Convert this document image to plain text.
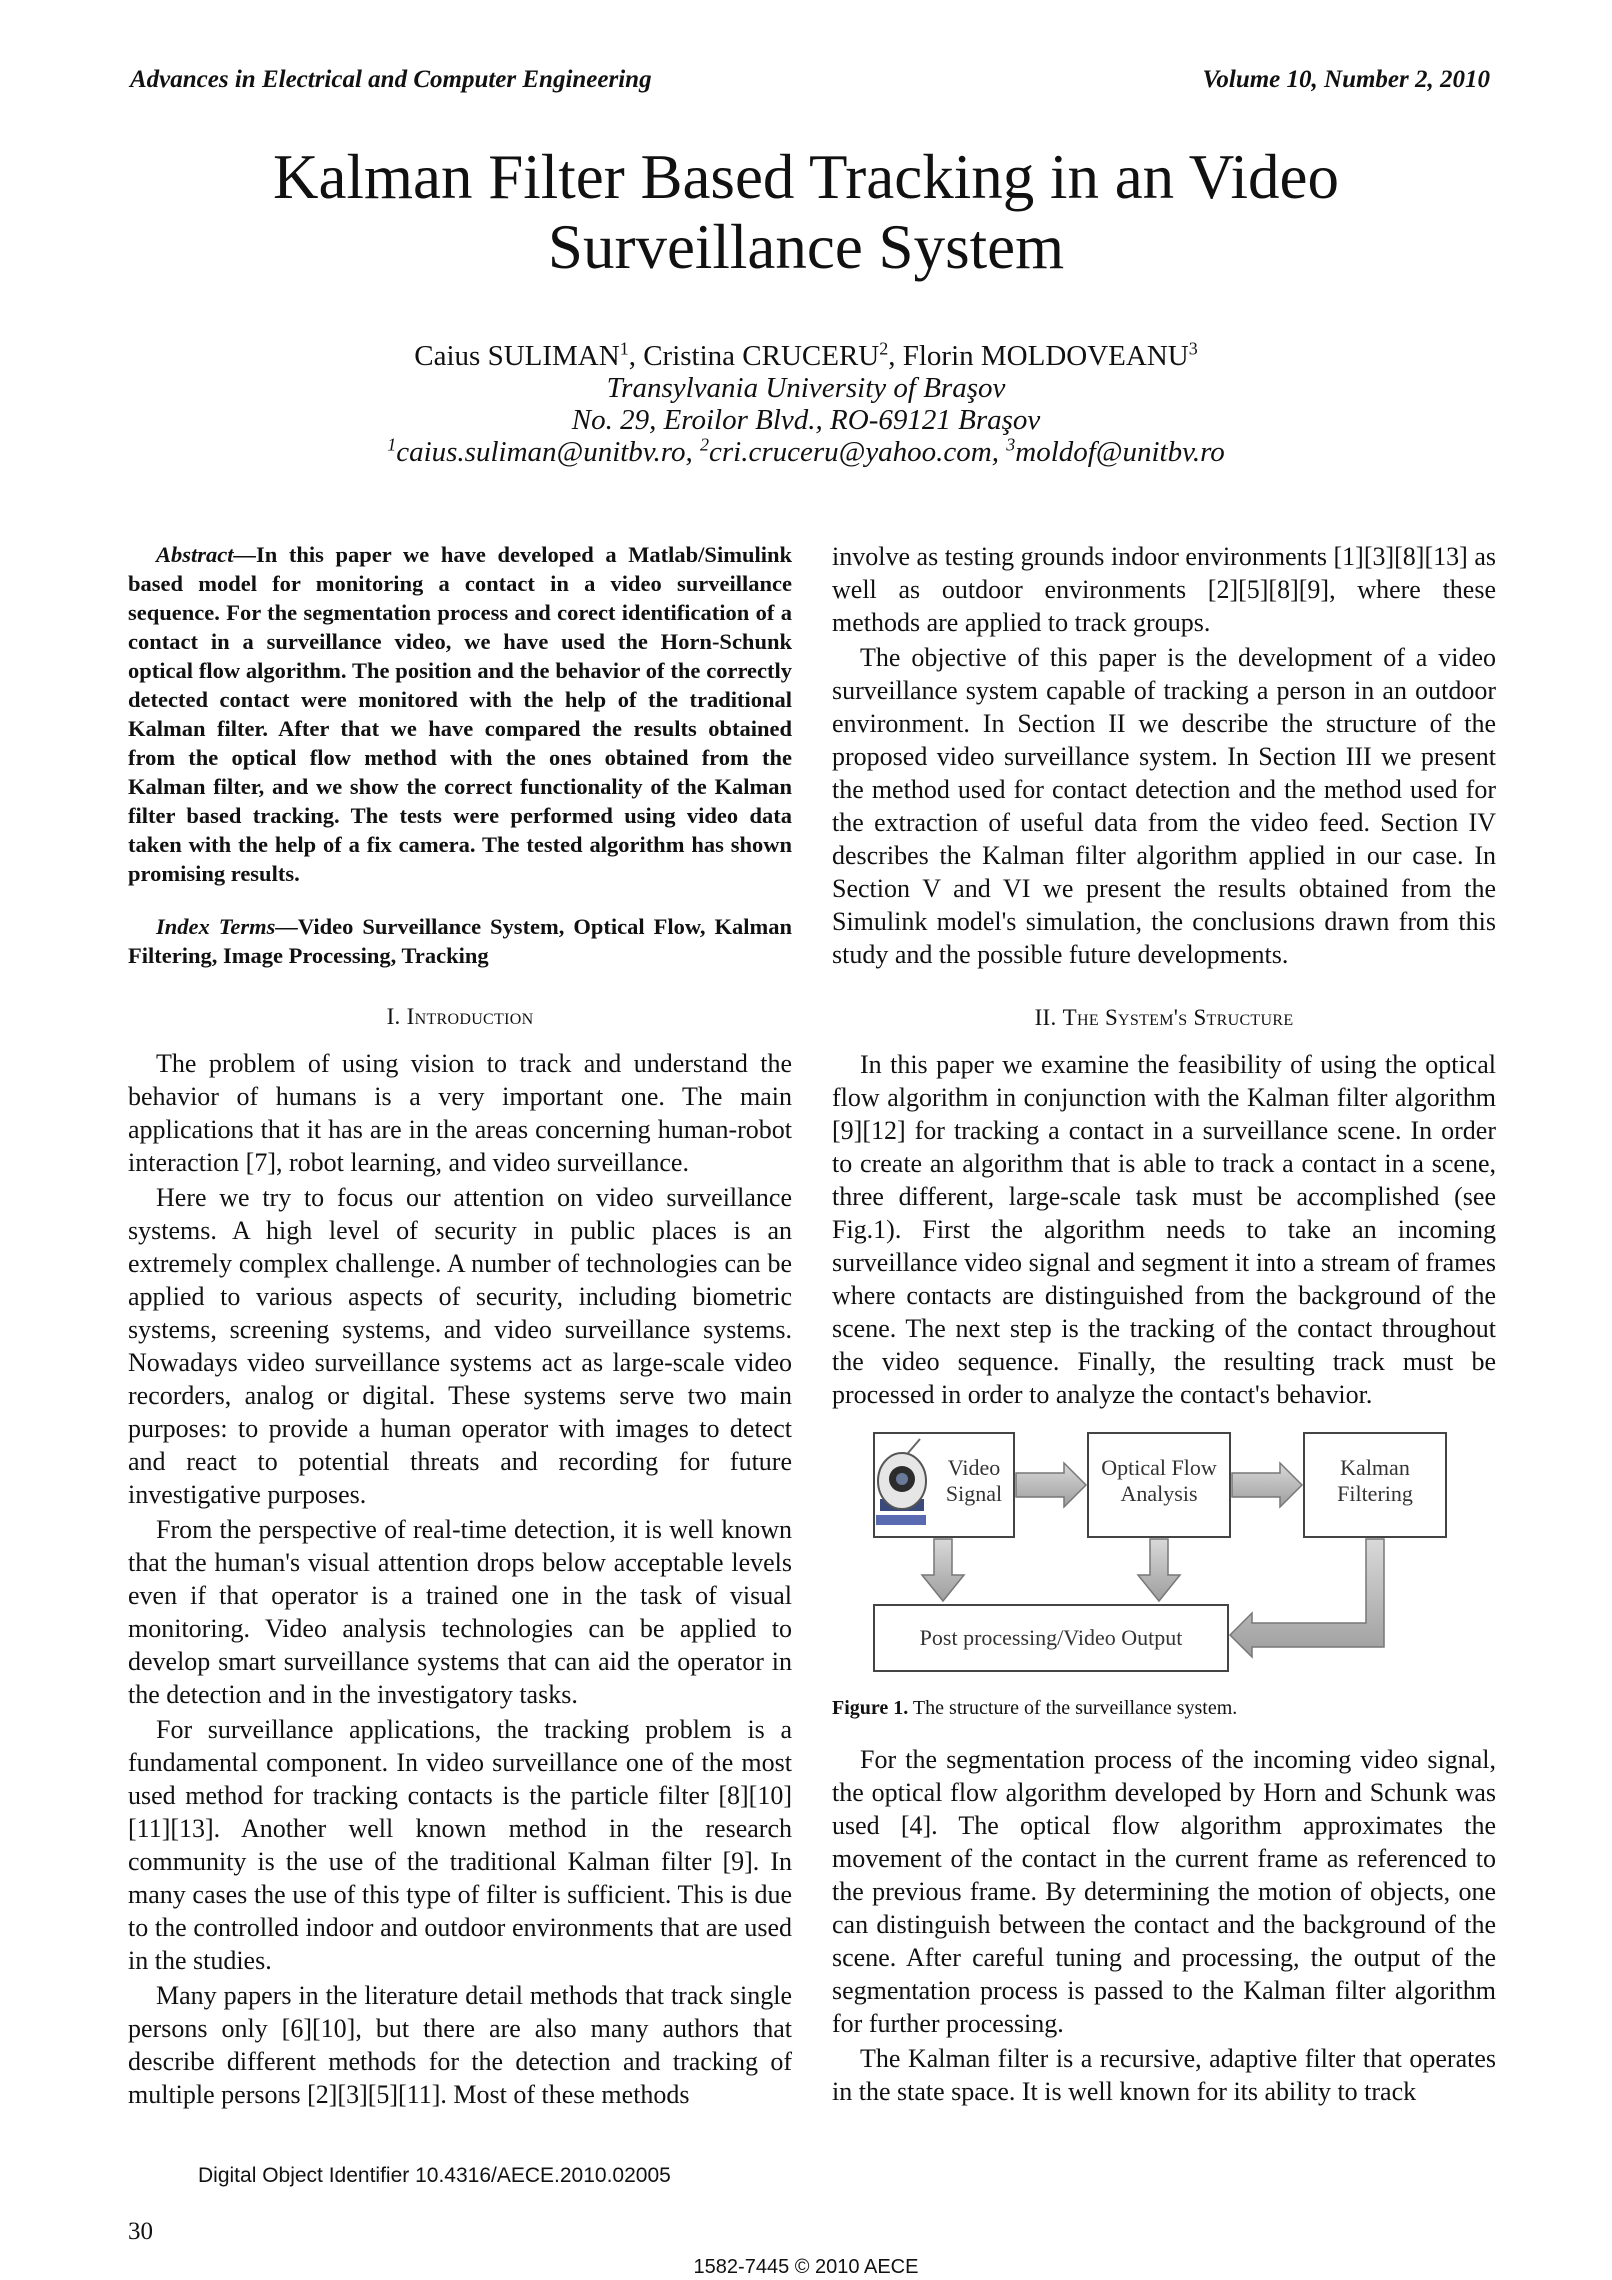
Advances in Electrical and Computer Engineering	Volume 10, Number 2, 2010
Kalman Filter Based Tracking in an Video Surveillance System
Caius SULIMAN$^1$, Cristina CRUCERU$^2$, Florin MOLDOVEANU$^3$
Transylvania University of Braşov
No. 29, Eroilor Blvd., RO-69121 Braşov
$^1$caius.suliman@unitbv.ro, $^2$cri.cruceru@yahoo.com, $^3$moldof@unitbv.ro

Abstract—In this paper we have developed a Matlab/Simulink based model for monitoring a contact in a video surveillance sequence. For the segmentation process and corect identification of a contact in a surveillance video, we have used the Horn-Schunk optical flow algorithm. The position and the behavior of the correctly detected contact were monitored with the help of the traditional Kalman filter. After that we have compared the results obtained from the optical flow method with the ones obtained from the Kalman filter, and we show the correct functionality of the Kalman filter based tracking. The tests were performed using video data taken with the help of a fix camera. The tested algorithm has shown promising results.

Index Terms—Video Surveillance System, Optical Flow, Kalman Filtering, Image Processing, Tracking

I. Introduction

The problem of using vision to track and understand the behavior of humans is a very important one. The main applications that it has are in the areas concerning human-robot interaction [7], robot learning, and video surveillance.

Here we try to focus our attention on video surveillance systems. A high level of security in public places is an extremely complex challenge. A number of technologies can be applied to various aspects of security, including biometric systems, screening systems, and video surveillance systems. Nowadays video surveillance systems act as large-scale video recorders, analog or digital. These systems serve two main purposes: to provide a human operator with images to detect and react to potential threats and recording for future investigative purposes.

From the perspective of real-time detection, it is well known that the human's visual attention drops below acceptable levels even if that operator is a trained one in the task of visual monitoring. Video analysis technologies can be applied to develop smart surveillance systems that can aid the operator in the detection and in the investigatory tasks.

For surveillance applications, the tracking problem is a fundamental component. In video surveillance one of the most used method for tracking contacts is the particle filter [8][10][11][13]. Another well known method in the research community is the use of the traditional Kalman filter [9]. In many cases the use of this type of filter is sufficient. This is due to the controlled indoor and outdoor environments that are used in the studies.

Many papers in the literature detail methods that track single persons only [6][10], but there are also many authors that describe different methods for the detection and tracking of multiple persons [2][3][5][11]. Most of these methods

involve as testing grounds indoor environments [1][3][8][13] as well as outdoor environments [2][5][8][9], where these methods are applied to track groups.

The objective of this paper is the development of a video surveillance system capable of tracking a person in an outdoor environment. In Section II we describe the structure of the proposed video surveillance system. In Section III we present the method used for contact detection and the method used for the extraction of useful data from the video feed. Section IV describes the Kalman filter algorithm applied in our case. In Section V and VI we present the results obtained from the Simulink model's simulation, the conclusions drawn from this study and the possible future developments.

II. The System's Structure

In this paper we examine the feasibility of using the optical flow algorithm in conjunction with the Kalman filter algorithm [9][12] for tracking a contact in a surveillance scene. In order to create an algorithm that is able to track a contact in a scene, three different, large-scale task must be accomplished (see Fig.1). First the algorithm needs to take an incoming surveillance video signal and segment it into a stream of frames where contacts are distinguished from the background of the scene. The next step is the tracking of the contact throughout the video sequence. Finally, the resulting track must be processed in order to analyze the contact's behavior.

Video
Signal
Optical Flow
Analysis
Kalman
Filtering
Post processing/Video Output
Figure 1. The structure of the surveillance system.

For the segmentation process of the incoming video signal, the optical flow algorithm developed by Horn and Schunk was used [4]. The optical flow algorithm approximates the movement of the contact in the current frame as referenced to the previous frame. By determining the motion of objects, one can distinguish between the contact and the background of the scene. After careful tuning and processing, the output of the segmentation process is passed to the Kalman filter algorithm for further processing.

The Kalman filter is a recursive, adaptive filter that operates in the state space. It is well known for its ability to track

Digital Object Identifier 10.4316/AECE.2010.02005
30
1582-7445 © 2010 AECE
